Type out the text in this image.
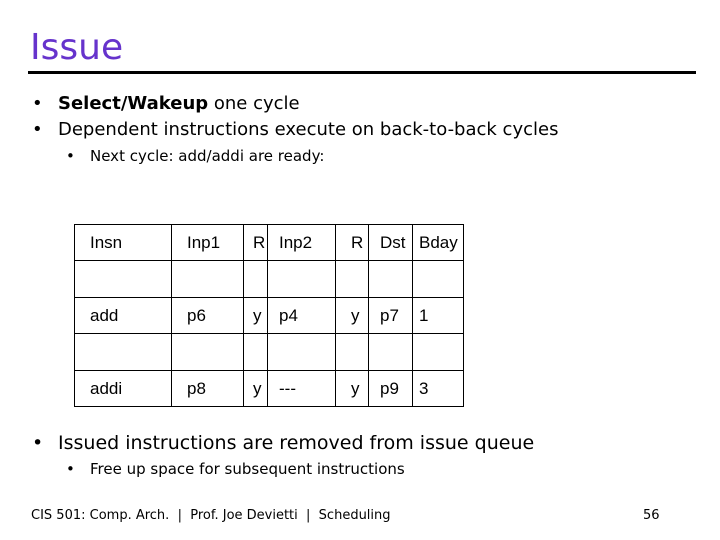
Issue
• Select/Wakeup one cycle
• Dependent instructions execute on back-to-back cycles
• Next cycle: add/addi are ready:
Insn	Inp1	R	Inp2	R	Dst	Bday

add	p6	y	p4	y	p7	1

addi	p8	y	---	y	p9	3
• Issued instructions are removed from issue queue
• Free up space for subsequent instructions
CIS 501: Comp. Arch.  |  Prof. Joe Devietti  |  Scheduling	56
